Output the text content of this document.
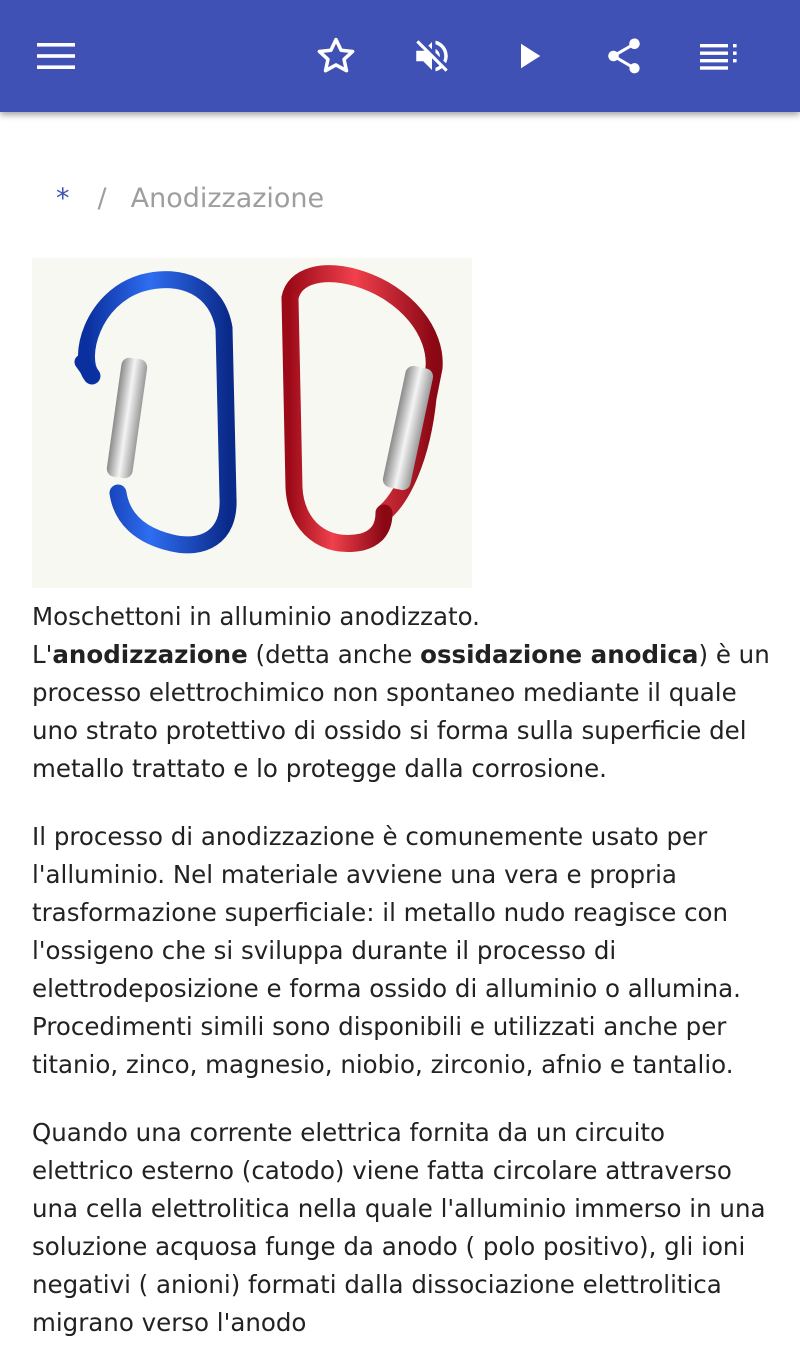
* / Anodizzazione

Moschettoni in alluminio anodizzato.

L'anodizzazione (detta anche ossidazione anodica) è un processo elettrochimico non spontaneo mediante il quale uno strato protettivo di ossido si forma sulla superficie del metallo trattato e lo protegge dalla corrosione.

Il processo di anodizzazione è comunemente usato per l'alluminio. Nel materiale avviene una vera e propria trasformazione superficiale: il metallo nudo reagisce con l'ossigeno che si sviluppa durante il processo di elettrodeposizione e forma ossido di alluminio o allumina. Procedimenti simili sono disponibili e utilizzati anche per titanio, zinco, magnesio, niobio, zirconio, afnio e tantalio.

Quando una corrente elettrica fornita da un circuito elettrico esterno (catodo) viene fatta circolare attraverso una cella elettrolitica nella quale l'alluminio immerso in una soluzione acquosa funge da anodo ( polo positivo), gli ioni negativi ( anioni) formati dalla dissociazione elettrolitica migrano verso l'anodo
